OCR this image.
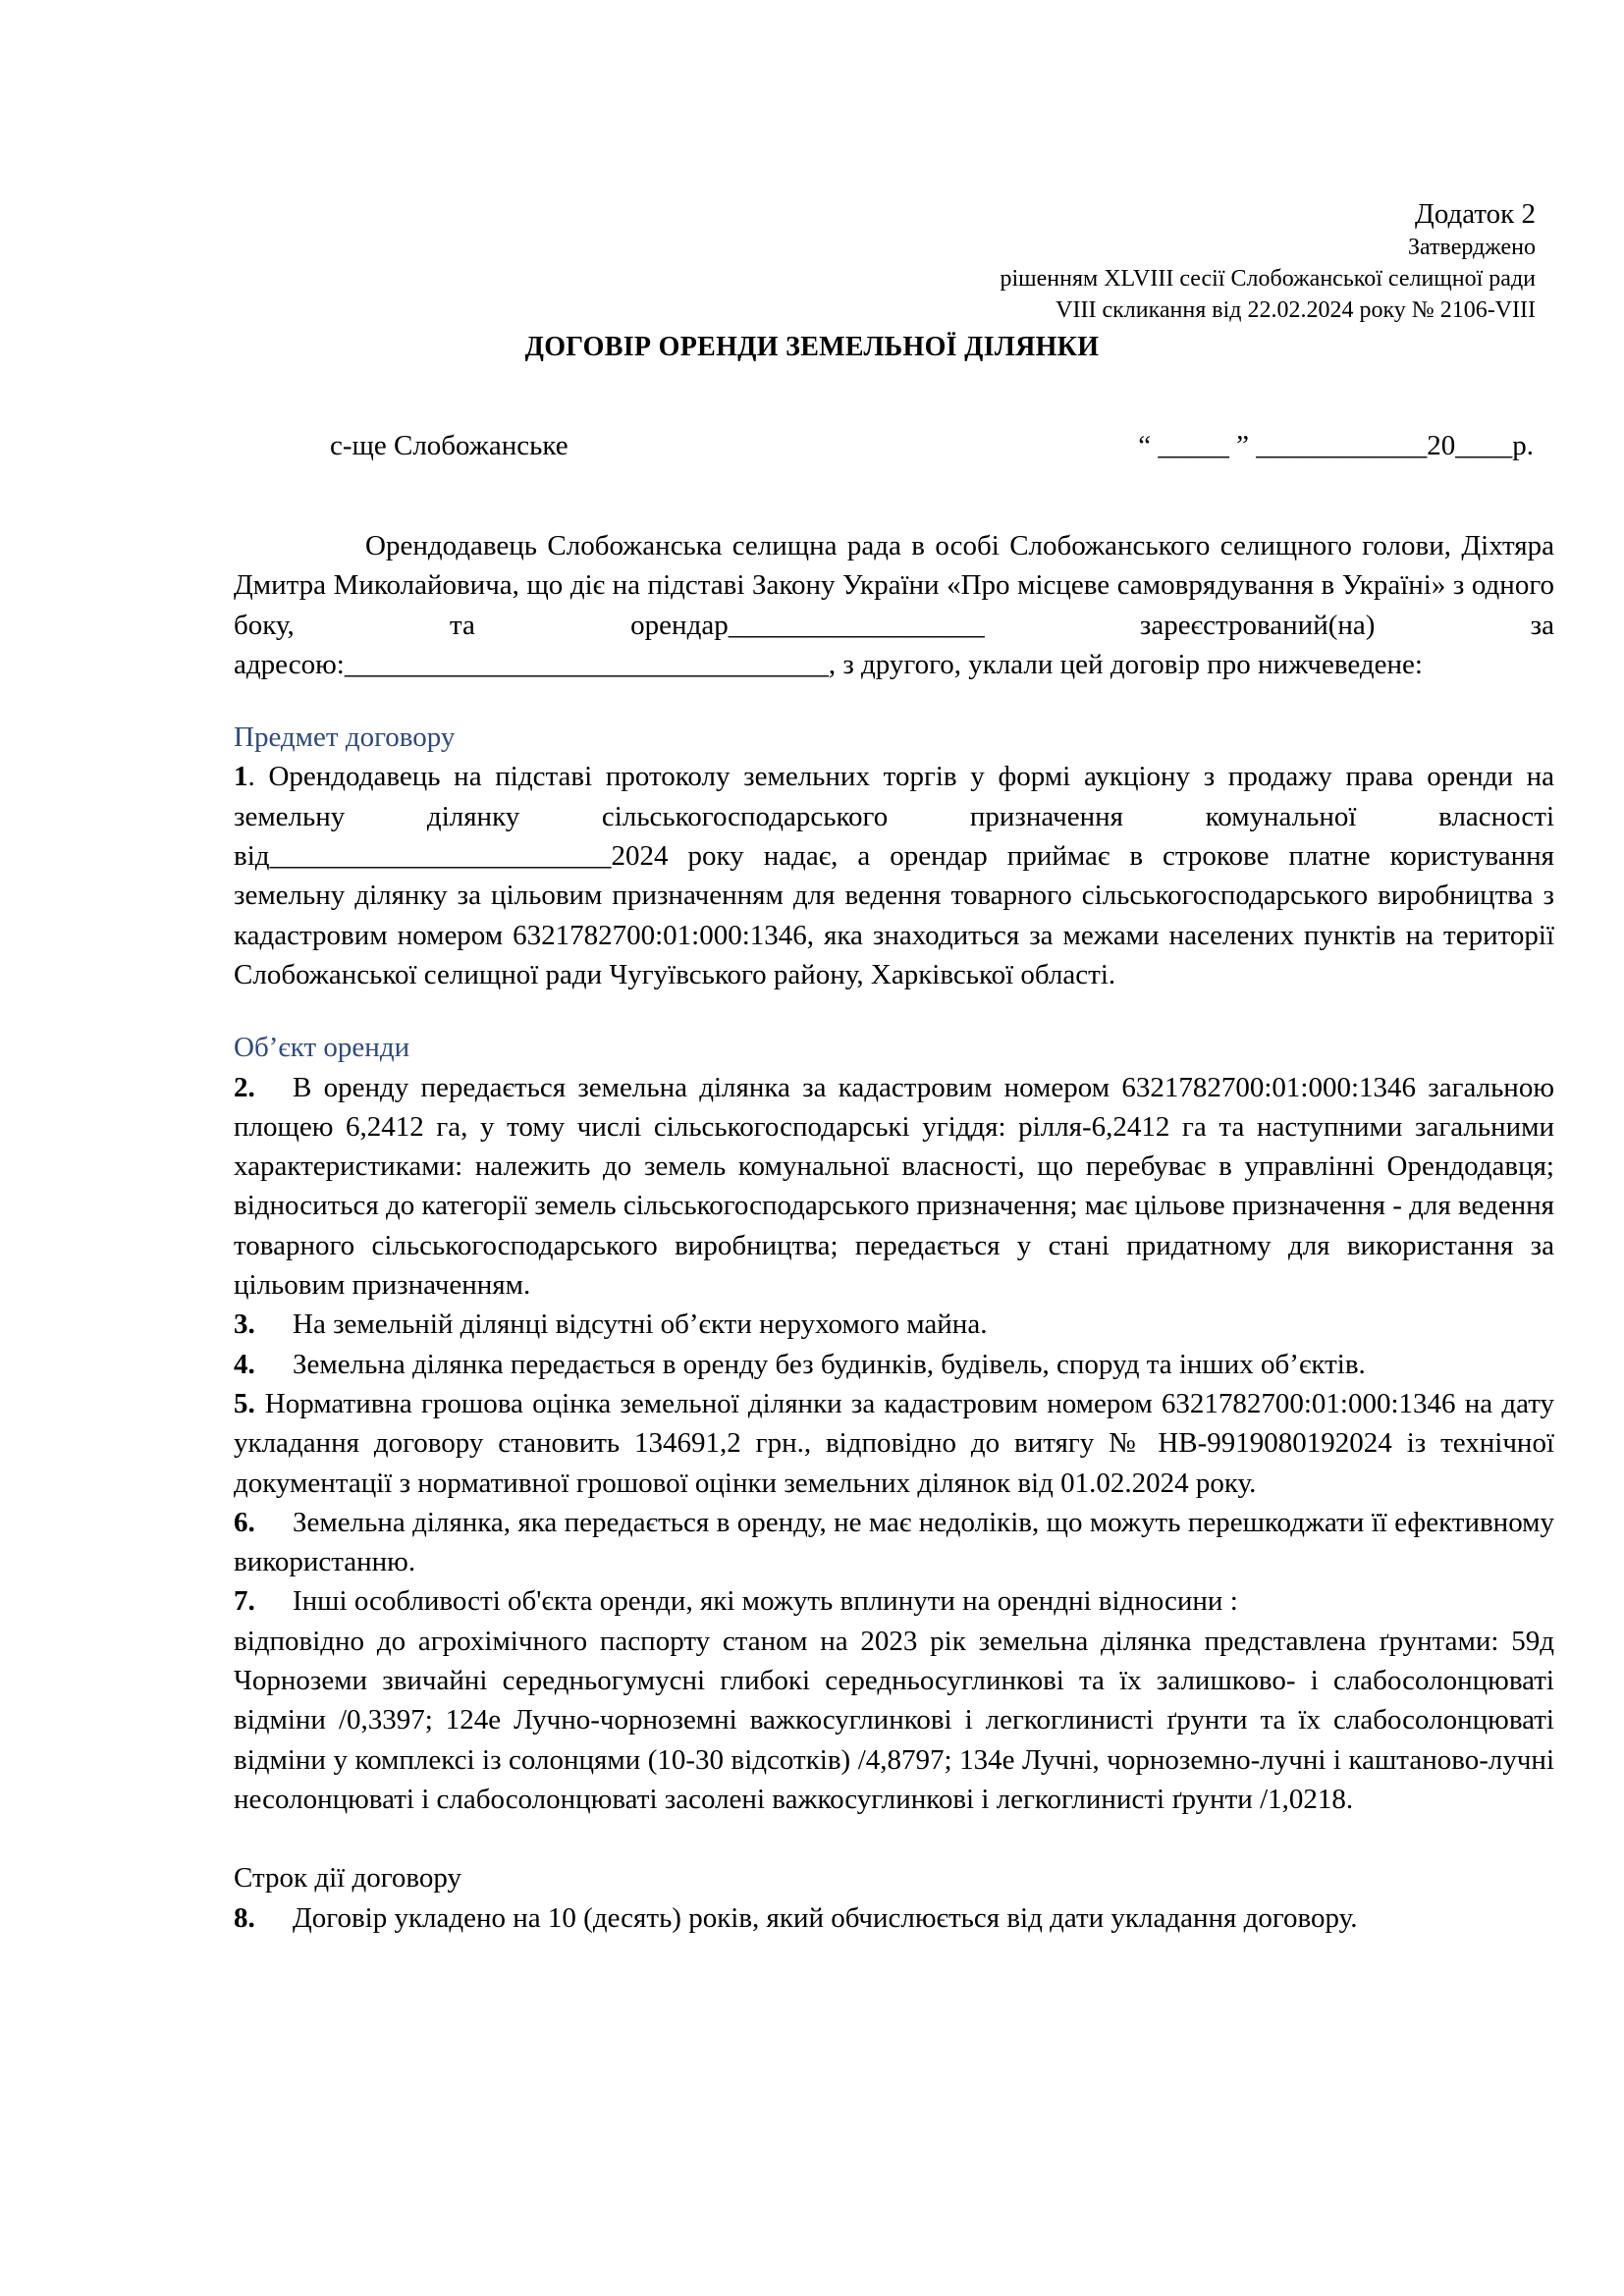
Додаток 2
Затверджено
рішенням XLVIII сесії Слобожанської селищної ради
VIII скликання від 22.02.2024 року № 2106-VIII
ДОГОВІР ОРЕНДИ ЗЕМЕЛЬНОЇ ДІЛЯНКИ
с-ще Слобожанське	“ _____ ” ____________20____р.

Орендодавець Слобожанська селищна рада в особі Слобожанського селищного голови, Діхтяра Дмитра Миколайовича, що діє на підставі Закону України «Про місцеве самоврядування в Україні» з одного боку, та орендар__________________ зареєстрований(на) за адресою:__________________________________, з другого, уклали цей договір про нижчеведене:

Предмет договору

1. Орендодавець на підставі протоколу земельних торгів у формі аукціону з продажу права оренди на земельну ділянку сільськогосподарського призначення комунальної власності від________________________2024 року надає, а орендар приймає в строкове платне користування земельну ділянку за цільовим призначенням для ведення товарного сільськогосподарського виробництва з кадастровим номером 6321782700:01:000:1346, яка знаходиться за межами населених пунктів на території Слобожанської селищної ради Чугуївського району, Харківської області.

Об’єкт оренди

2. В оренду передається земельна ділянка за кадастровим номером 6321782700:01:000:1346 загальною площею 6,2412 га, у тому числі сільськогосподарські угіддя: рілля-6,2412 га та наступними загальними характеристиками: належить до земель комунальної власності, що перебуває в управлінні Орендодавця; відноситься до категорії земель сільськогосподарського призначення; має цільове призначення - для ведення товарного сільськогосподарського виробництва; передається у стані придатному для використання за цільовим призначенням.

3. На земельній ділянці відсутні об’єкти нерухомого майна.

4. Земельна ділянка передається в оренду без будинків, будівель, споруд та інших об’єктів.

5. Нормативна грошова оцінка земельної ділянки за кадастровим номером 6321782700:01:000:1346 на дату укладання договору становить 134691,2 грн., відповідно до витягу № НВ-9919080192024 із технічної документації з нормативної грошової оцінки земельних ділянок від 01.02.2024 року.

6. Земельна ділянка, яка передається в оренду, не має недоліків, що можуть перешкоджати її ефективному використанню.

7. Інші особливості об'єкта оренди, які можуть вплинути на орендні відносини :

відповідно до агрохімічного паспорту станом на 2023 рік земельна ділянка представлена ґрунтами: 59д Чорноземи звичайні середньогумусні глибокі середньосуглинкові та їх залишково- і слабосолонцюваті відміни /0,3397; 124е Лучно-чорноземні важкосуглинкові і легкоглинисті ґрунти та їх слабосолонцюваті відміни у комплексі із солонцями (10-30 відсотків) /4,8797; 134е Лучні, чорноземно-лучні і каштаново-лучні несолонцюваті і слабосолонцюваті засолені важкосуглинкові і легкоглинисті ґрунти /1,0218.

Строк дії договору

8. Договір укладено на 10 (десять) років, який обчислюється від дати укладання договору.
